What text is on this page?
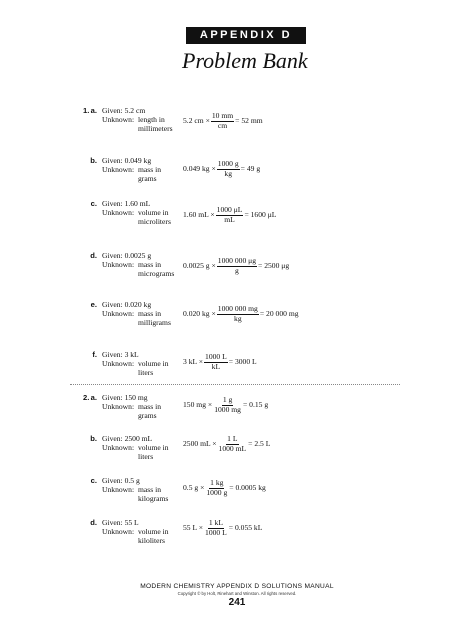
APPENDIX D
Problem Bank
1. a. Given: 5.2 cm
Unknown: length in millimeters
5.2 cm × $\frac{10 mm}{cm} = 52$ mm
b. Given: 0.049 kg
Unknown: mass in grams
0.049 kg × $\frac{1000 g}{kg} = 49$ g
c. Given: 1.60 mL
Unknown: volume in microliters
1.60 mL × $\frac{1000 \mu L}{mL} = 1600$ μL
d. Given: 0.0025 g
Unknown: mass in micrograms
0.0025 $g \times \frac{1000 000 \mu g}{g} = 2500$ μg
e. Given: 0.020 kg
Unknown: mass in milligrams
0.020 kg × $\frac{1000 000 mg}{kg} = 20$ 000 mg
f. Given: 3 kL
Unknown: volume in liters
3 kL × $\frac{1000 L}{kL} = 3000$ L
2. a. Given: 150 mg
Unknown: mass in grams
150 mg × $\frac{1 g}{1000 mg} = 0.15$ g
b. Given: 2500 mL
Unknown: volume in liters
2500 mL × $\frac{1 L}{1000 mL} = 2.5$ L
c. Given: 0.5 g
Unknown: mass in kilograms
0.5 $g \times \frac{1 kg}{1000 g} = 0.0005$ kg
d. Given: 55 L
Unknown: volume in kiloliters
55 $L \times \frac{1 kL}{1000 L} = 0.055$ kL
MODERN CHEMISTRY APPENDIX D SOLUTIONS MANUAL
Copyright © by Holt, Rinehart and Winston. All rights reserved.
241
